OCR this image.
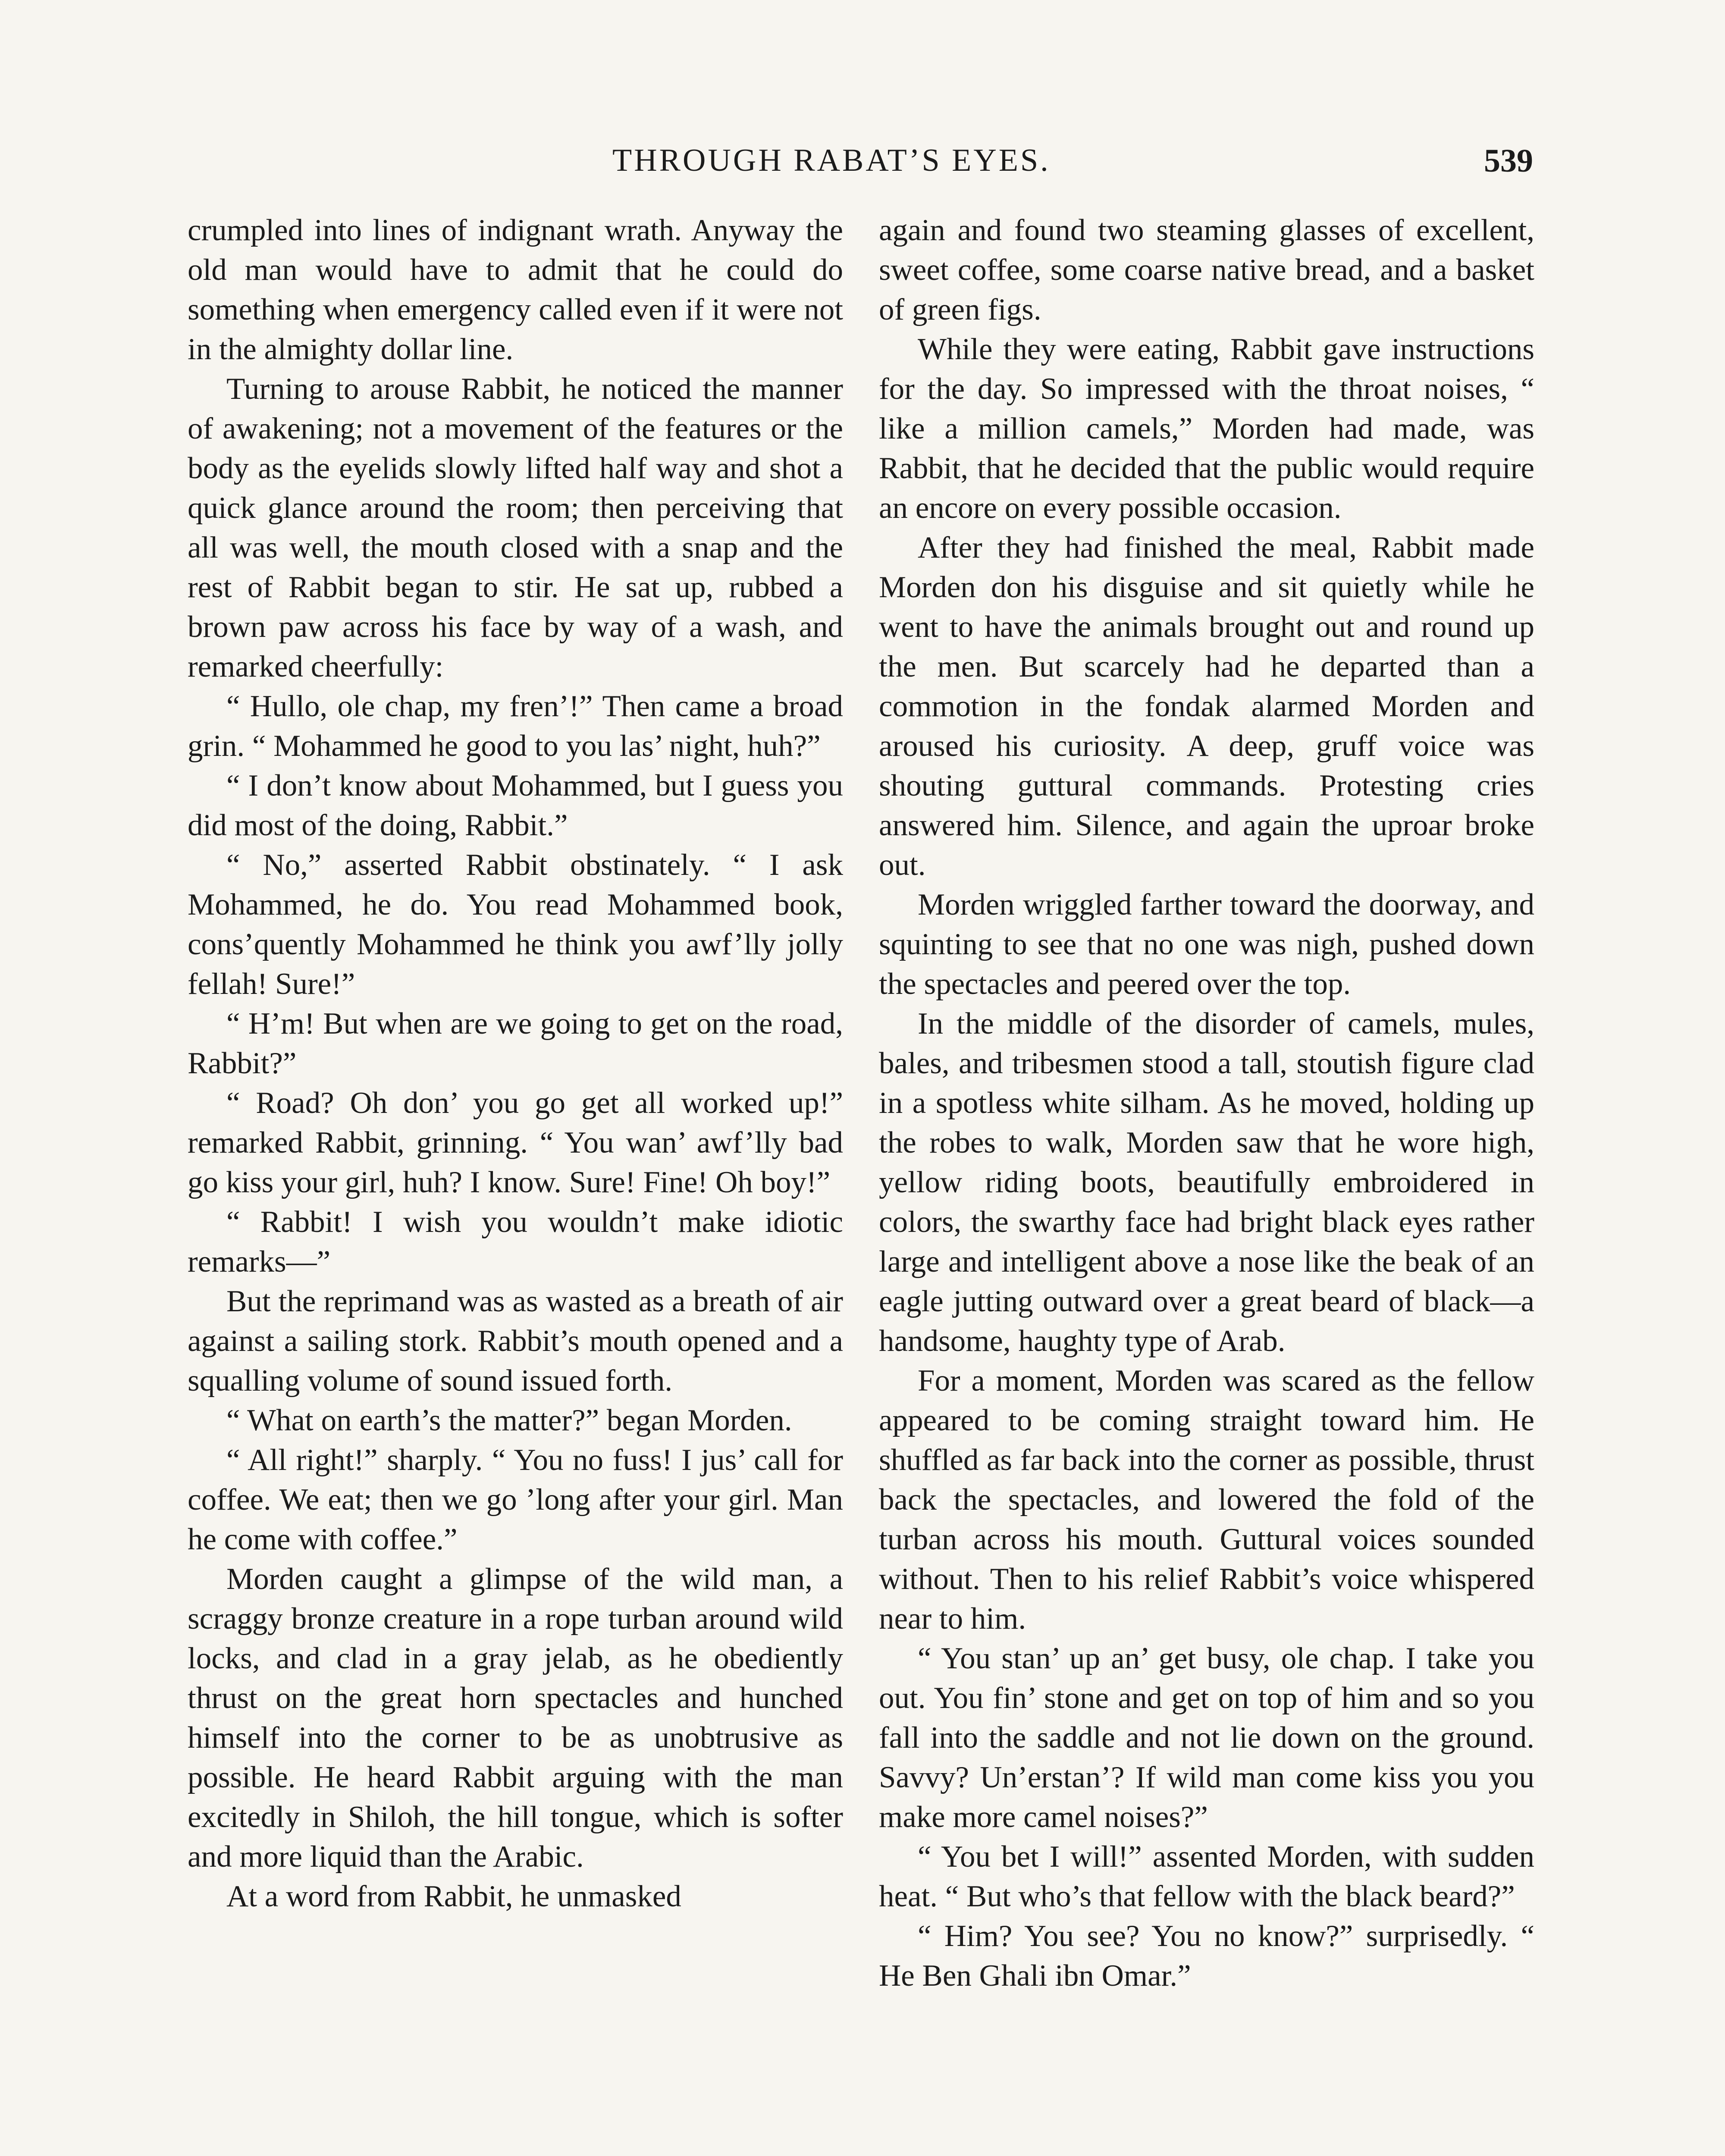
THROUGH RABAT’S EYES.	539

crumpled into lines of indignant wrath. Anyway the old man would have to admit that he could do something when emergency called even if it were not in the almighty dollar line.

Turning to arouse Rabbit, he noticed the manner of awakening; not a movement of the features or the body as the eyelids slowly lifted half way and shot a quick glance around the room; then perceiving that all was well, the mouth closed with a snap and the rest of Rabbit began to stir. He sat up, rubbed a brown paw across his face by way of a wash, and remarked cheerfully:

“ Hullo, ole chap, my fren’!” Then came a broad grin. “ Mohammed he good to you las’ night, huh?”

“ I don’t know about Mohammed, but I guess you did most of the doing, Rabbit.”

“ No,” asserted Rabbit obstinately. “ I ask Mohammed, he do. You read Mohammed book, cons’quently Mohammed he think you awf’lly jolly fellah! Sure!”

“ H’m! But when are we going to get on the road, Rabbit?”

“ Road? Oh don’ you go get all worked up!” remarked Rabbit, grinning. “ You wan’ awf’lly bad go kiss your girl, huh? I know. Sure! Fine! Oh boy!”

“ Rabbit! I wish you wouldn’t make idiotic remarks—”

But the reprimand was as wasted as a breath of air against a sailing stork. Rabbit’s mouth opened and a squalling volume of sound issued forth.

“ What on earth’s the matter?” began Morden.

“ All right!” sharply. “ You no fuss! I jus’ call for coffee. We eat; then we go ’long after your girl. Man he come with coffee.”

Morden caught a glimpse of the wild man, a scraggy bronze creature in a rope turban around wild locks, and clad in a gray jelab, as he obediently thrust on the great horn spectacles and hunched himself into the corner to be as unobtrusive as possible. He heard Rabbit arguing with the man excitedly in Shiloh, the hill tongue, which is softer and more liquid than the Arabic.

At a word from Rabbit, he unmasked

again and found two steaming glasses of excellent, sweet coffee, some coarse native bread, and a basket of green figs.

While they were eating, Rabbit gave instructions for the day. So impressed with the throat noises, “ like a million camels,” Morden had made, was Rabbit, that he decided that the public would require an encore on every possible occasion.

After they had finished the meal, Rabbit made Morden don his disguise and sit quietly while he went to have the animals brought out and round up the men. But scarcely had he departed than a commotion in the fondak alarmed Morden and aroused his curiosity. A deep, gruff voice was shouting guttural commands. Protesting cries answered him. Silence, and again the uproar broke out.

Morden wriggled farther toward the doorway, and squinting to see that no one was nigh, pushed down the spectacles and peered over the top.

In the middle of the disorder of camels, mules, bales, and tribesmen stood a tall, stoutish figure clad in a spotless white silham. As he moved, holding up the robes to walk, Morden saw that he wore high, yellow riding boots, beautifully embroidered in colors, the swarthy face had bright black eyes rather large and intelligent above a nose like the beak of an eagle jutting outward over a great beard of black—a handsome, haughty type of Arab.

For a moment, Morden was scared as the fellow appeared to be coming straight toward him. He shuffled as far back into the corner as possible, thrust back the spectacles, and lowered the fold of the turban across his mouth. Guttural voices sounded without. Then to his relief Rabbit’s voice whispered near to him.

“ You stan’ up an’ get busy, ole chap. I take you out. You fin’ stone and get on top of him and so you fall into the saddle and not lie down on the ground. Savvy? Un’erstan’? If wild man come kiss you you make more camel noises?”

“ You bet I will!” assented Morden, with sudden heat. “ But who’s that fellow with the black beard?”

“ Him? You see? You no know?” surprisedly. “ He Ben Ghali ibn Omar.”
